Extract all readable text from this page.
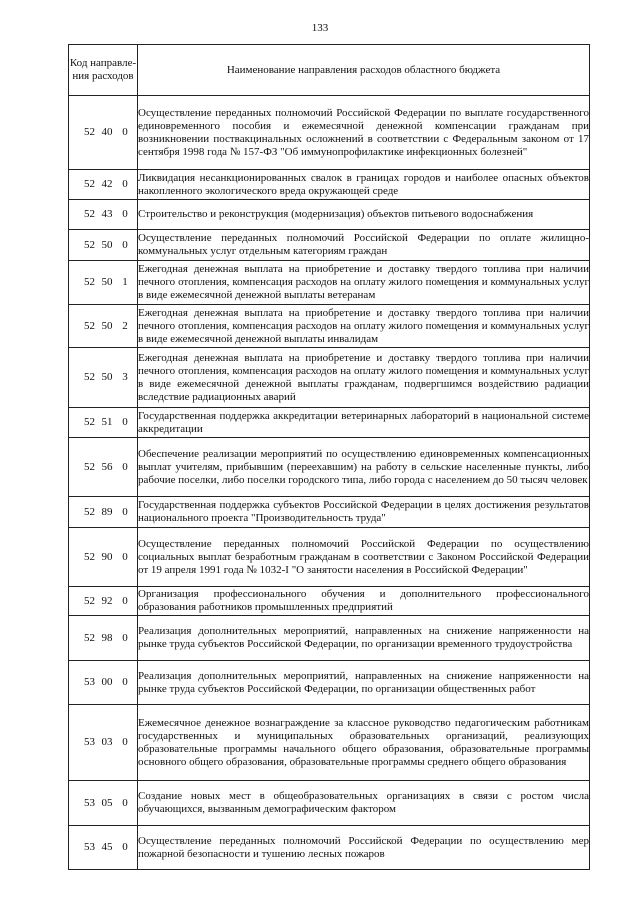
133
Код направле-ния расходов	Наименование направления расходов областного бюджета
52 40 0	Осуществление переданных полномочий Российской Федерации по выплате государственного единовременного пособия и ежемесячной денежной компенсации гражданам при возникновении поствакцинальных осложнений в соответствии с Федеральным законом от 17 сентября 1998 года № 157-ФЗ "Об иммунопрофилактике инфекционных болезней"
52 42 0	Ликвидация несанкционированных свалок в границах городов и наиболее опасных объектов накопленного экологического вреда окружающей среде
52 43 0	Строительство и реконструкция (модернизация) объектов питьевого водоснабжения
52 50 0	Осуществление переданных полномочий Российской Федерации по оплате жилищно-коммунальных услуг отдельным категориям граждан
52 50 1	Ежегодная денежная выплата на приобретение и доставку твердого топлива при наличии печного отопления, компенсация расходов на оплату жилого помещения и коммунальных услуг в виде ежемесячной денежной выплаты ветеранам
52 50 2	Ежегодная денежная выплата на приобретение и доставку твердого топлива при наличии печного отопления, компенсация расходов на оплату жилого помещения и коммунальных услуг в виде ежемесячной денежной выплаты инвалидам
52 50 3	Ежегодная денежная выплата на приобретение и доставку твердого топлива при наличии печного отопления, компенсация расходов на оплату жилого помещения и коммунальных услуг в виде ежемесячной денежной выплаты гражданам, подвергшимся воздействию радиации вследствие радиационных аварий
52 51 0	Государственная поддержка аккредитации ветеринарных лабораторий в национальной системе аккредитации
52 56 0	Обеспечение реализации мероприятий по осуществлению единовременных компенсационных выплат учителям, прибывшим (переехавшим) на работу в сельские населенные пункты, либо рабочие поселки, либо поселки городского типа, либо города с населением до 50 тысяч человек
52 89 0	Государственная поддержка субъектов Российской Федерации в целях достижения результатов национального проекта "Производительность труда"
52 90 0	Осуществление переданных полномочий Российской Федерации по осуществлению социальных выплат безработным гражданам в соответствии с Законом Российской Федерации от 19 апреля 1991 года № 1032-I "О занятости населения в Российской Федерации"
52 92 0	Организация профессионального обучения и дополнительного профессионального образования работников промышленных предприятий
52 98 0	Реализация дополнительных мероприятий, направленных на снижение напряженности на рынке труда субъектов Российской Федерации, по организации временного трудоустройства
53 00 0	Реализация дополнительных мероприятий, направленных на снижение напряженности на рынке труда субъектов Российской Федерации, по организации общественных работ
53 03 0	Ежемесячное денежное вознаграждение за классное руководство педагогическим работникам государственных и муниципальных образовательных организаций, реализующих образовательные программы начального общего образования, образовательные программы основного общего образования, образовательные программы среднего общего образования
53 05 0	Создание новых мест в общеобразовательных организациях в связи с ростом числа обучающихся, вызванным демографическим фактором
53 45 0	Осуществление переданных полномочий Российской Федерации по осуществлению мер пожарной безопасности и тушению лесных пожаров
